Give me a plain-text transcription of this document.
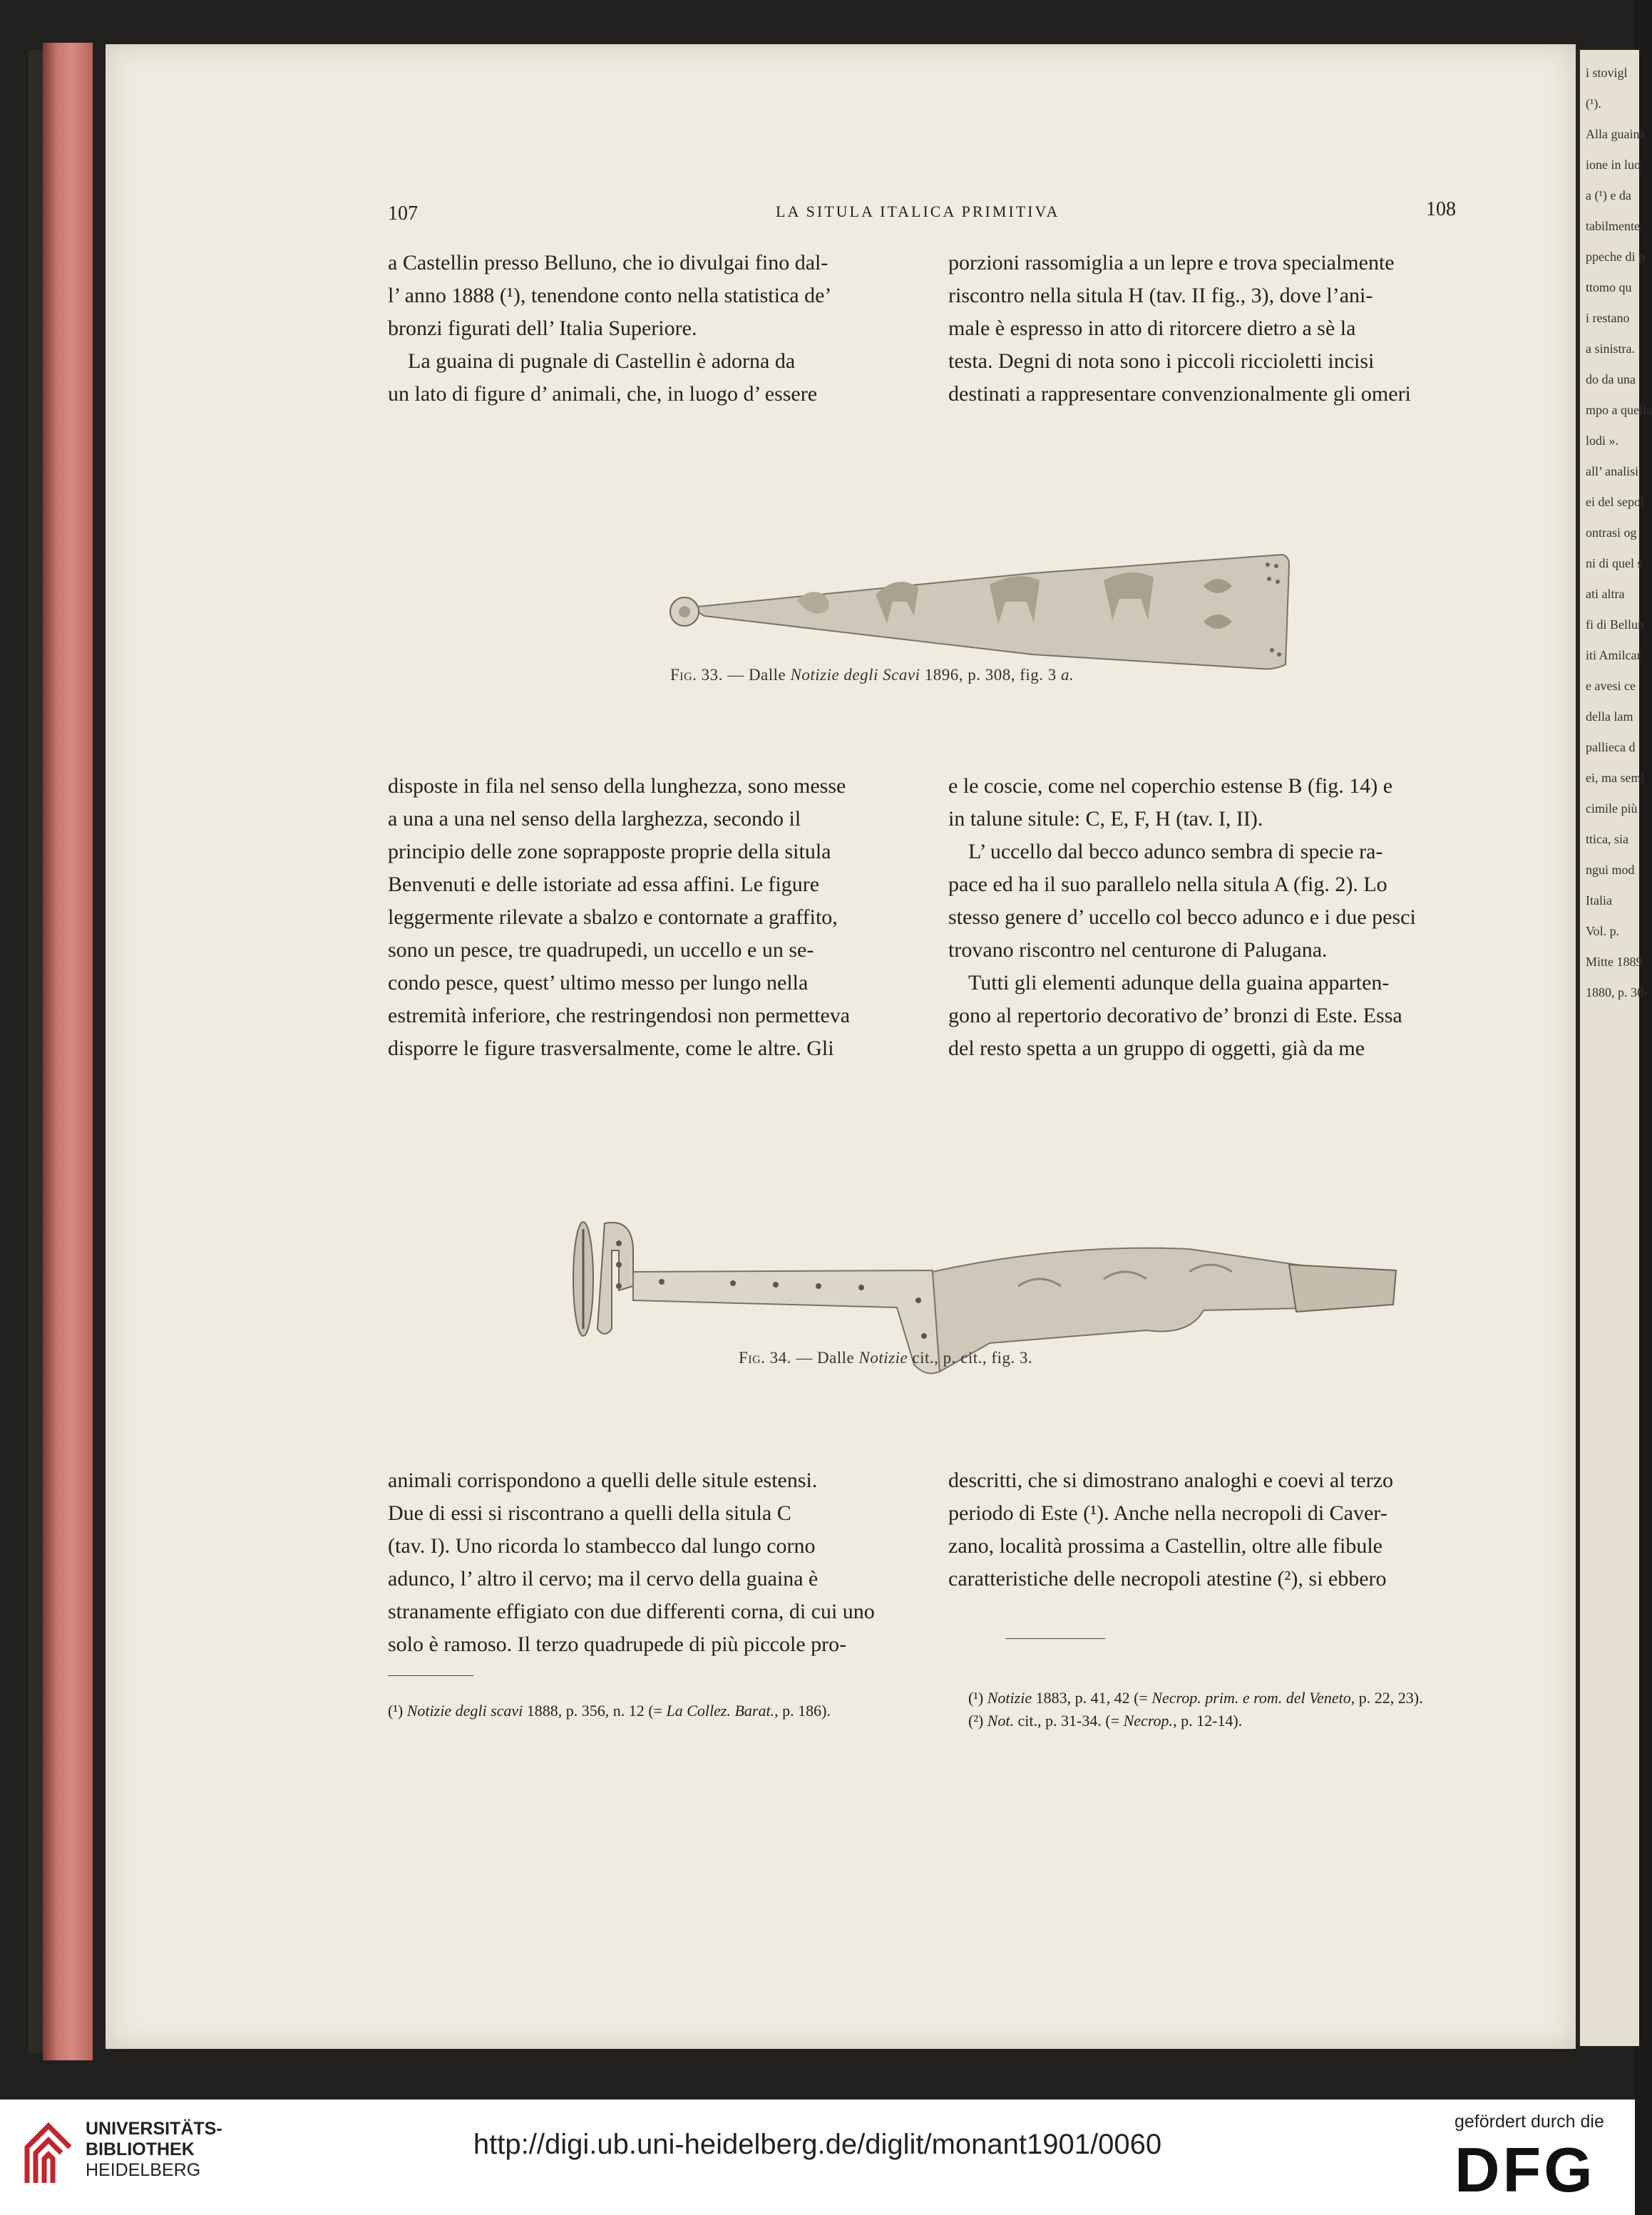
i stovigl
(¹).
Alla guaina
ione in luo
a (¹) e da
tabilmente
ppeche di p
ttomo qu
i restano
a sinistra.
do da una
mpo a quella
lodi ».
all’ analisi
ei del sepol
ontrasi og
ni di quel s
ati altra
fi di Bellun
iti Amilcar
e avesi ce
della lam
pallieca d
ei, ma seml
cimile più
ttica, sia
ngui mod
Italia
Vol. p.
Mitte 1889
1880, p. 30-
107	LA SITULA ITALICA PRIMITIVA	108

a Castellin presso Belluno, che io divulgai fino dal-

l’ anno 1888 (¹), tenendone conto nella statistica de’

bronzi figurati dell’ Italia Superiore.

La guaina di pugnale di Castellin è adorna da

un lato di figure d’ animali, che, in luogo d’ essere

porzioni rassomiglia a un lepre e trova specialmente

riscontro nella situla H (tav. II fig., 3), dove l’ani-

male è espresso in atto di ritorcere dietro a sè la

testa. Degni di nota sono i piccoli riccioletti incisi

destinati a rappresentare convenzionalmente gli omeri

Fig. 33. — Dalle Notizie degli Scavi 1896, p. 308, fig. 3 a.

disposte in fila nel senso della lunghezza, sono messe

a una a una nel senso della larghezza, secondo il

principio delle zone soprapposte proprie della situla

Benvenuti e delle istoriate ad essa affini. Le figure

leggermente rilevate a sbalzo e contornate a graffito,

sono un pesce, tre quadrupedi, un uccello e un se-

condo pesce, quest’ ultimo messo per lungo nella

estremità inferiore, che restringendosi non permetteva

disporre le figure trasversalmente, come le altre. Gli

e le coscie, come nel coperchio estense B (fig. 14) e

in talune situle: C, E, F, H (tav. I, II).

L’ uccello dal becco adunco sembra di specie ra-

pace ed ha il suo parallelo nella situla A (fig. 2). Lo

stesso genere d’ uccello col becco adunco e i due pesci

trovano riscontro nel centurone di Palugana.

Tutti gli elementi adunque della guaina apparten-

gono al repertorio decorativo de’ bronzi di Este. Essa

del resto spetta a un gruppo di oggetti, già da me

Fig. 34. — Dalle Notizie cit., p. cit., fig. 3.

animali corrispondono a quelli delle situle estensi.

Due di essi si riscontrano a quelli della situla C

(tav. I). Uno ricorda lo stambecco dal lungo corno

adunco, l’ altro il cervo; ma il cervo della guaina è

stranamente effigiato con due differenti corna, di cui uno

solo è ramoso. Il terzo quadrupede di più piccole pro-

descritti, che si dimostrano analoghi e coevi al terzo

periodo di Este (¹). Anche nella necropoli di Caver-

zano, località prossima a Castellin, oltre alle fibule

caratteristiche delle necropoli atestine (²), si ebbero

(¹) Notizie degli scavi 1888, p. 356, n. 12 (= La Collez. Barat., p. 186).

(¹) Notizie 1883, p. 41, 42 (= Necrop. prim. e rom. del Veneto, p. 22, 23).

(²) Not. cit., p. 31-34. (= Necrop., p. 12-14).

UNIVERSITÄTS-
BIBLIOTHEK
HEIDELBERG
http://digi.ub.uni-heidelberg.de/diglit/monant1901/0060
gefördert durch die
DFG
